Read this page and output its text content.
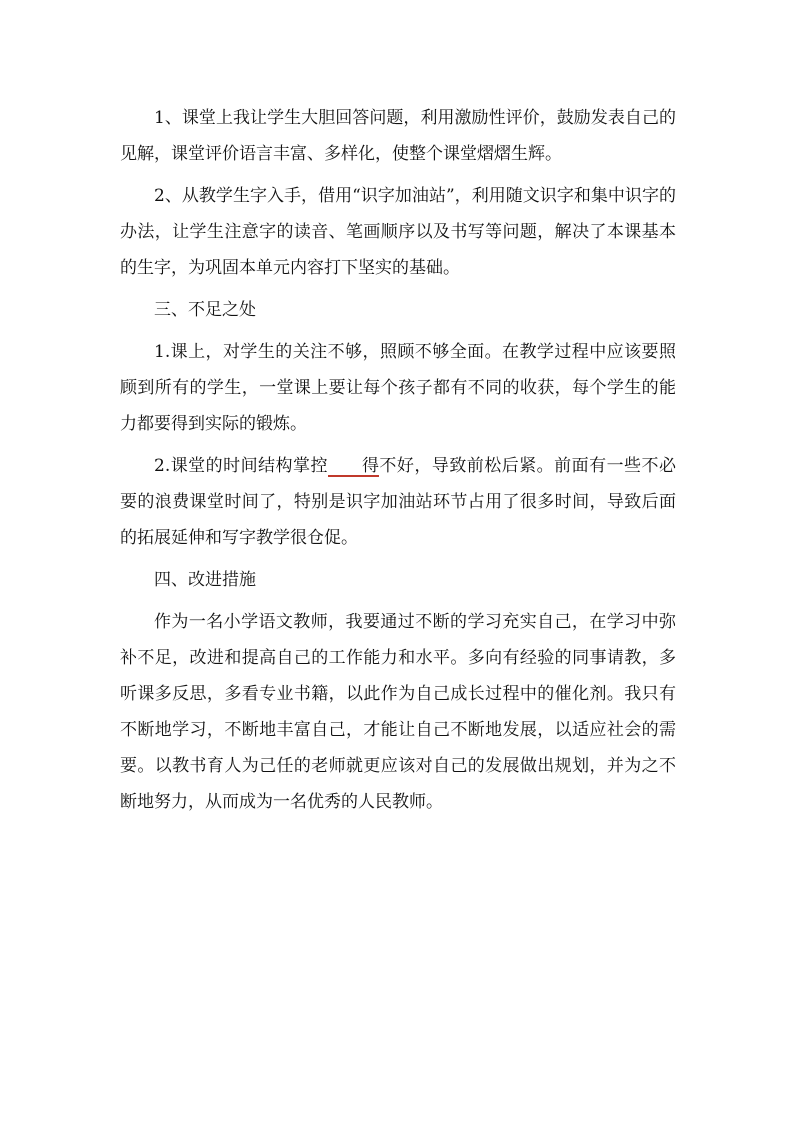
1、课堂上我让学生大胆回答问题，利用激励性评价，鼓励发表自己的见解，课堂评价语言丰富、多样化，使整个课堂熠熠生辉。

2、从教学生字入手，借用“识字加油站”，利用随文识字和集中识字的办法，让学生注意字的读音、笔画顺序以及书写等问题，解决了本课基本的生字，为巩固本单元内容打下坚实的基础。

三、不足之处

1.课上，对学生的关注不够，照顾不够全面。在教学过程中应该要照顾到所有的学生，一堂课上要让每个孩子都有不同的收获，每个学生的能力都要得到实际的锻炼。

2.课堂的时间结构掌控 得不好，导致前松后紧。前面有一些不必要的浪费课堂时间了，特别是识字加油站环节占用了很多时间，导致后面的拓展延伸和写字教学很仓促。

四、改进措施

作为一名小学语文教师，我要通过不断的学习充实自己，在学习中弥补不足，改进和提高自己的工作能力和水平。多向有经验的同事请教，多听课多反思，多看专业书籍，以此作为自己成长过程中的催化剂。我只有不断地学习，不断地丰富自己，才能让自己不断地发展，以适应社会的需要。以教书育人为己任的老师就更应该对自己的发展做出规划，并为之不断地努力，从而成为一名优秀的人民教师。
